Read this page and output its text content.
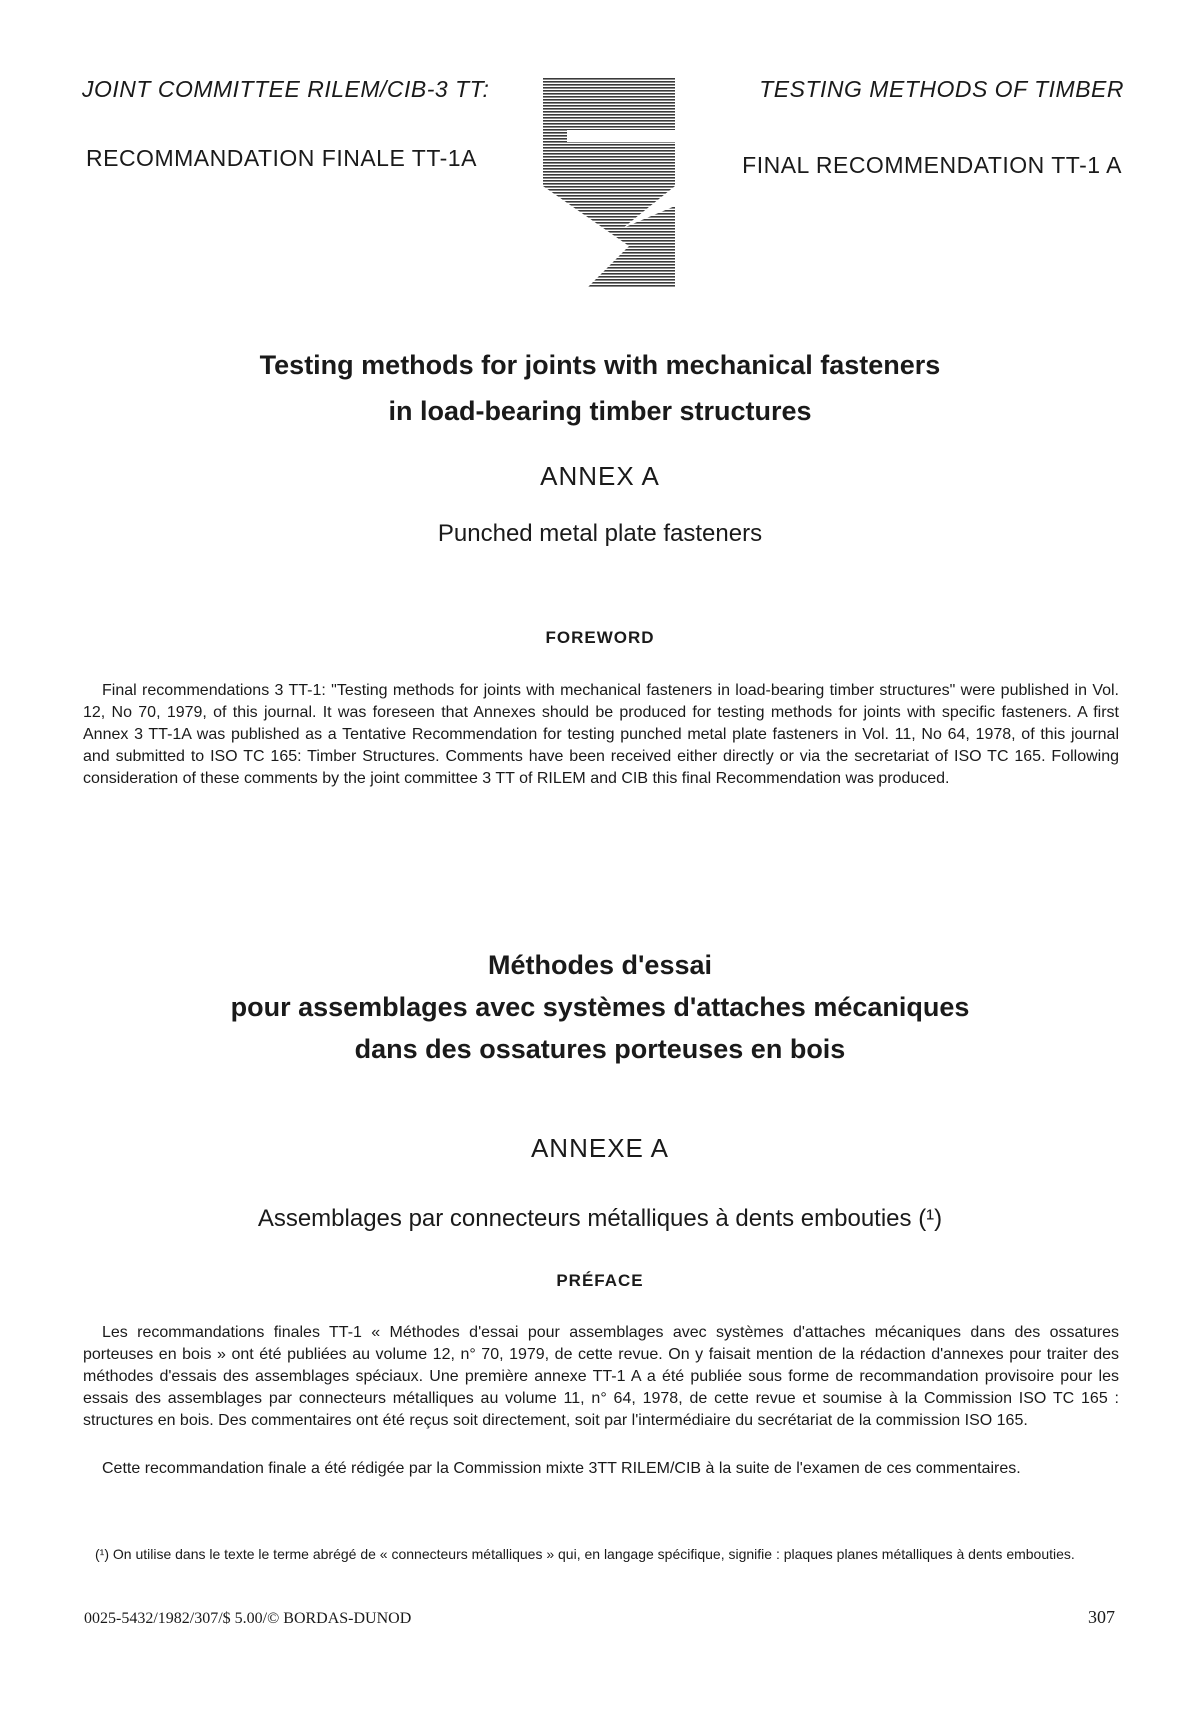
JOINT COMMITTEE RILEM/CIB-3 TT:
RECOMMANDATION FINALE TT-1A
TESTING METHODS OF TIMBER
FINAL RECOMMENDATION TT-1 A
Testing methods for joints with mechanical fasteners
in load-bearing timber structures
ANNEX A
Punched metal plate fasteners
FOREWORD
Final recommendations 3 TT-1: "Testing methods for joints with mechanical fasteners in load-bearing timber structures" were published in Vol. 12, No 70, 1979, of this journal. It was foreseen that Annexes should be produced for testing methods for joints with specific fasteners. A first Annex 3 TT-1A was published as a Tentative Recommendation for testing punched metal plate fasteners in Vol. 11, No 64, 1978, of this journal and submitted to ISO TC 165: Timber Structures. Comments have been received either directly or via the secretariat of ISO TC 165. Following consideration of these comments by the joint committee 3 TT of RILEM and CIB this final Recommendation was produced.
Méthodes d'essai
pour assemblages avec systèmes d'attaches mécaniques
dans des ossatures porteuses en bois
ANNEXE A
Assemblages par connecteurs métalliques à dents embouties (¹)
PRÉFACE
Les recommandations finales TT-1 « Méthodes d'essai pour assemblages avec systèmes d'attaches mécaniques dans des ossatures porteuses en bois » ont été publiées au volume 12, n° 70, 1979, de cette revue. On y faisait mention de la rédaction d'annexes pour traiter des méthodes d'essais des assemblages spéciaux. Une première annexe TT-1 A a été publiée sous forme de recommandation provisoire pour les essais des assemblages par connecteurs métalliques au volume 11, n° 64, 1978, de cette revue et soumise à la Commission ISO TC 165 : structures en bois. Des commentaires ont été reçus soit directement, soit par l'intermédiaire du secrétariat de la commission ISO 165.
Cette recommandation finale a été rédigée par la Commission mixte 3TT RILEM/CIB à la suite de l'examen de ces commentaires.
(¹) On utilise dans le texte le terme abrégé de « connecteurs métalliques » qui, en langage spécifique, signifie : plaques planes métalliques à dents embouties.
0025-5432/1982/307/$ 5.00/© BORDAS-DUNOD	307
